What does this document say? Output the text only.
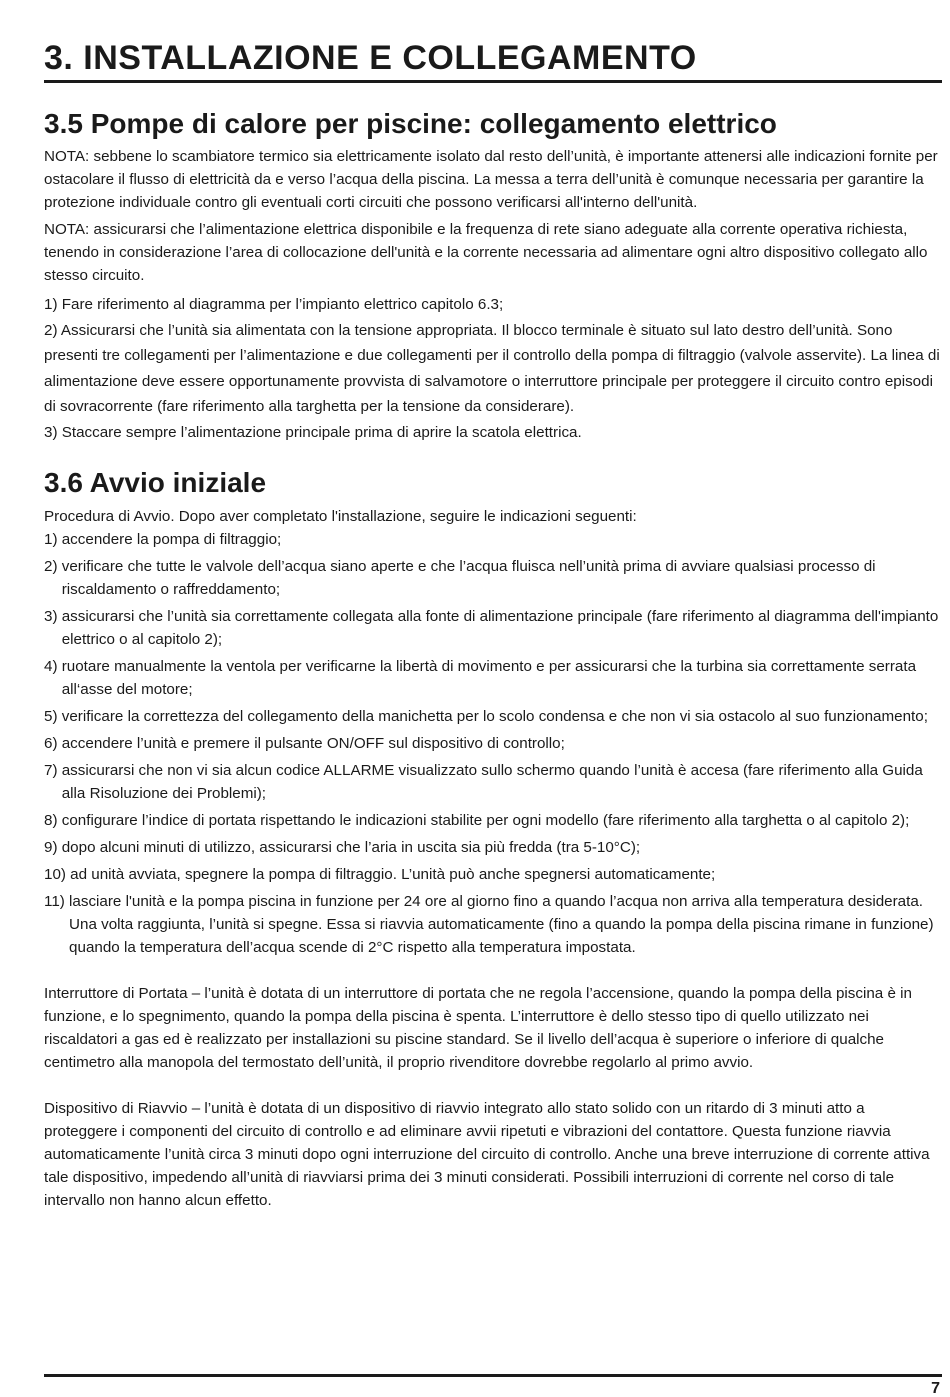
3. INSTALLAZIONE E COLLEGAMENTO
3.5 Pompe di calore per piscine: collegamento elettrico

NOTA: sebbene lo scambiatore termico sia elettricamente isolato dal resto dell’unità, è importante attenersi alle indicazioni fornite per ostacolare il flusso di elettricità da e verso l’acqua della piscina. La messa a terra dell’unità è comunque necessaria per garantire la protezione individuale contro gli eventuali corti circuiti che possono verificarsi all'interno dell'unità.

NOTA: assicurarsi che l’alimentazione elettrica disponibile e la frequenza di rete siano adeguate alla corrente operativa richiesta, tenendo in considerazione l’area di collocazione dell'unità e la corrente necessaria ad alimentare ogni altro dispositivo collegato allo stesso circuito.

1) Fare riferimento al diagramma per l’impianto elettrico capitolo 6.3;
2) Assicurarsi che l’unità sia alimentata con la tensione appropriata. Il blocco terminale è situato sul lato destro dell’unità. Sono presenti tre collegamenti per l’alimentazione e due collegamenti per il controllo della pompa di filtraggio (valvole asservite). La linea di alimentazione deve essere opportunamente provvista di salvamotore o interruttore principale per proteggere il circuito contro episodi di sovracorrente (fare riferimento alla targhetta per la tensione da considerare).
3) Staccare sempre l’alimentazione principale prima di aprire la scatola elettrica.
3.6 Avvio iniziale

Procedura di Avvio. Dopo aver completato l'installazione, seguire le indicazioni seguenti:

1) accendere la pompa di filtraggio;
2) verificare che tutte le valvole dell’acqua siano aperte e che l’acqua fluisca nell’unità prima di avviare qualsiasi processo di riscaldamento o raffreddamento;
3) assicurarsi che l’unità sia correttamente collegata alla fonte di alimentazione principale (fare riferimento al diagramma dell'impianto elettrico o al capitolo 2);
4) ruotare manualmente la ventola per verificarne la libertà di movimento e per assicurarsi che la turbina sia correttamente serrata all‘asse del motore;
5) verificare la correttezza del collegamento della manichetta per lo scolo condensa e che non vi sia ostacolo al suo funzionamento;
6) accendere l’unità e premere il pulsante ON/OFF sul dispositivo di controllo;
7) assicurarsi che non vi sia alcun codice ALLARME visualizzato sullo schermo quando l’unità è accesa (fare riferimento alla Guida alla Risoluzione dei Problemi);
8) configurare l’indice di portata rispettando le indicazioni stabilite per ogni modello (fare riferimento alla targhetta o al capitolo 2);
9) dopo alcuni minuti di utilizzo, assicurarsi che l’aria in uscita sia più fredda (tra 5-10°C);
10) ad unità avviata, spegnere la pompa di filtraggio. L’unità può anche spegnersi automaticamente;
11) lasciare l'unità e la pompa piscina in funzione per 24 ore al giorno fino a quando l’acqua non arriva alla temperatura desiderata. Una volta raggiunta, l’unità si spegne. Essa si riavvia automaticamente (fino a quando la pompa della piscina rimane in funzione) quando la temperatura dell’acqua scende di 2°C rispetto alla temperatura impostata.

Interruttore di Portata – l’unità è dotata di un interruttore di portata che ne regola l’accensione, quando la pompa della piscina è in funzione, e lo spegnimento, quando la pompa della piscina è spenta. L’interruttore è dello stesso tipo di quello utilizzato nei riscaldatori a gas ed è realizzato per installazioni su piscine standard. Se il livello dell’acqua è superiore o inferiore di qualche centimetro alla manopola del termostato dell’unità, il proprio rivenditore dovrebbe regolarlo al primo avvio.

Dispositivo di Riavvio – l’unità è dotata di un dispositivo di riavvio integrato allo stato solido con un ritardo di 3 minuti atto a proteggere i componenti del circuito di controllo e ad eliminare avvii ripetuti e vibrazioni del contattore. Questa funzione riavvia automaticamente l’unità circa 3 minuti dopo ogni interruzione del circuito di controllo. Anche una breve interruzione di corrente attiva tale dispositivo, impedendo all’unità di riavviarsi prima dei 3 minuti considerati. Possibili interruzioni di corrente nel corso di tale intervallo non hanno alcun effetto.

7
